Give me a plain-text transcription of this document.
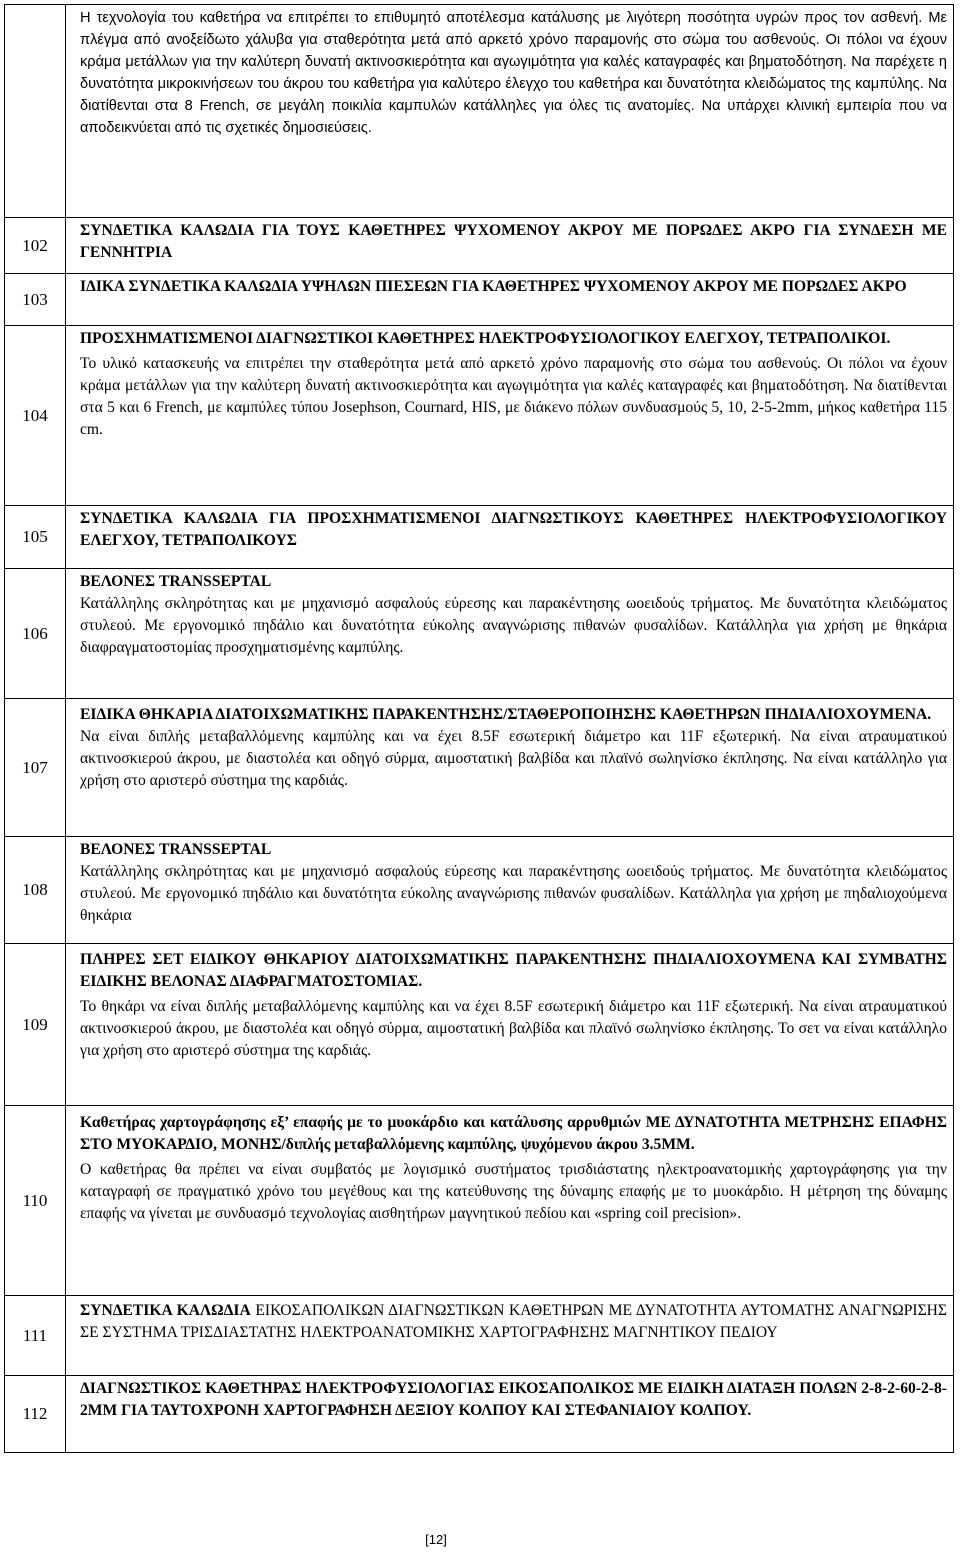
	Η τεχνολογία του καθετήρα να επιτρέπει το επιθυμητό αποτέλεσμα κατάλυσης με λιγότερη ποσότητα υγρών προς τον ασθενή. Με πλέγμα από ανοξείδωτο χάλυβα για σταθερότητα μετά από αρκετό χρόνο παραμονής στο σώμα του ασθενούς. Οι πόλοι να έχουν κράμα μετάλλων για την καλύτερη δυνατή ακτινοσκιερότητα και αγωγιμότητα για καλές καταγραφές και βηματοδότηση. Να παρέχετε η δυνατότητα μικροκινήσεων του άκρου του καθετήρα για καλύτερο έλεγχο του καθετήρα και δυνατότητα κλειδώματος της καμπύλης. Να διατίθενται στα 8 French, σε μεγάλη ποικιλία καμπυλών κατάλληλες για όλες τις ανατομίες. Να υπάρχει κλινική εμπειρία που να αποδεικνύεται από τις σχετικές δημοσιεύσεις.

102	ΣΥΝΔΕΤΙΚΑ ΚΑΛΩΔΙΑ ΓΙΑ ΤΟΥΣ ΚΑΘΕΤΗΡΕΣ ΨΥΧΟΜΕΝΟΥ ΑΚΡΟΥ ΜΕ ΠΟΡΩΔΕΣ ΑΚΡΟ ΓΙΑ ΣΥΝΔΕΣΗ ΜΕ ΓΕΝΝΗΤΡΙΑ

103	ΙΔΙΚΑ ΣΥΝΔΕΤΙΚΑ ΚΑΛΩΔΙΑ ΥΨΗΛΩΝ ΠΙΕΣΕΩΝ ΓΙΑ ΚΑΘΕΤΗΡΕΣ ΨΥΧΟΜΕΝΟΥ ΑΚΡΟΥ ΜΕ ΠΟΡΩΔΕΣ ΑΚΡΟ

104	ΠΡΟΣΧΗΜΑΤΙΣΜΕΝΟΙ ΔΙΑΓΝΩΣΤΙΚΟΙ ΚΑΘΕΤΗΡΕΣ ΗΛΕΚΤΡΟΦΥΣΙΟΛΟΓΙΚΟΥ ΕΛΕΓΧΟΥ, ΤΕΤΡΑΠΟΛΙΚΟΙ.

Το υλικό κατασκευής να επιτρέπει την σταθερότητα μετά από αρκετό χρόνο παραμονής στο σώμα του ασθενούς. Οι πόλοι να έχουν κράμα μετάλλων για την καλύτερη δυνατή ακτινοσκιερότητα και αγωγιμότητα για καλές καταγραφές και βηματοδότηση. Να διατίθενται στα 5 και 6 French, με καμπύλες τύπου Josephson, Cournard, HIS, με διάκενο πόλων συνδυασμούς 5, 10, 2-5-2mm, μήκος καθετήρα 115 cm.

105	ΣΥΝΔΕΤΙΚΑ ΚΑΛΩΔΙΑ ΓΙΑ ΠΡΟΣΧΗΜΑΤΙΣΜΕΝΟΙ ΔΙΑΓΝΩΣΤΙΚΟΥΣ ΚΑΘΕΤΗΡΕΣ ΗΛΕΚΤΡΟΦΥΣΙΟΛΟΓΙΚΟΥ ΕΛΕΓΧΟΥ, ΤΕΤΡΑΠΟΛΙΚΟΥΣ

106	ΒΕΛΟΝΕΣ TRANSSEPTAL

Κατάλληλης σκληρότητας και με μηχανισμό ασφαλούς εύρεσης και παρακέντησης ωοειδούς τρήματος. Με δυνατότητα κλειδώματος στυλεού. Με εργονομικό πηδάλιο και δυνατότητα εύκολης αναγνώρισης πιθανών φυσαλίδων. Κατάλληλα για χρήση με θηκάρια διαφραγματοστομίας προσχηματισμένης καμπύλης.

107	ΕΙΔΙΚΑ ΘΗΚΑΡΙΑ ΔΙΑΤΟΙΧΩΜΑΤΙΚΗΣ ΠΑΡΑΚΕΝΤΗΣΗΣ/ΣΤΑΘΕΡΟΠΟΙΗΣΗΣ ΚΑΘΕΤΗΡΩΝ ΠΗΔΙΑΛΙΟΧΟΥΜΕΝΑ.

Να είναι διπλής μεταβαλλόμενης καμπύλης και να έχει 8.5F εσωτερική διάμετρο και 11F εξωτερική. Να είναι ατραυματικού ακτινοσκιερού άκρου, με διαστολέα και οδηγό σύρμα, αιμοστατική βαλβίδα και πλαϊνό σωληνίσκο έκπλησης. Να είναι κατάλληλο για χρήση στο αριστερό σύστημα της καρδιάς.

108	ΒΕΛΟΝΕΣ TRANSSEPTAL

Κατάλληλης σκληρότητας και με μηχανισμό ασφαλούς εύρεσης και παρακέντησης ωοειδούς τρήματος. Με δυνατότητα κλειδώματος στυλεού. Με εργονομικό πηδάλιο και δυνατότητα εύκολης αναγνώρισης πιθανών φυσαλίδων. Κατάλληλα για χρήση με πηδαλιοχούμενα θηκάρια

109	ΠΛΗΡΕΣ ΣΕΤ ΕΙΔΙΚΟΥ ΘΗΚΑΡΙΟΥ ΔΙΑΤΟΙΧΩΜΑΤΙΚΗΣ ΠΑΡΑΚΕΝΤΗΣΗΣ ΠΗΔΙΑΛΙΟΧΟΥΜΕΝΑ ΚΑΙ ΣΥΜΒΑΤΗΣ ΕΙΔΙΚΗΣ ΒΕΛΟΝΑΣ ΔΙΑΦΡΑΓΜΑΤΟΣΤΟΜΙΑΣ.

Το θηκάρι να είναι διπλής μεταβαλλόμενης καμπύλης και να έχει 8.5F εσωτερική διάμετρο και 11F εξωτερική. Να είναι ατραυματικού ακτινοσκιερού άκρου, με διαστολέα και οδηγό σύρμα, αιμοστατική βαλβίδα και πλαϊνό σωληνίσκο έκπλησης. Το σετ να είναι κατάλληλο για χρήση στο αριστερό σύστημα της καρδιάς.

110	Καθετήρας χαρτογράφησης εξ’ επαφής με το μυοκάρδιο και κατάλυσης αρρυθμιών ΜΕ ΔΥΝΑΤΟΤΗΤΑ ΜΕΤΡΗΣΗΣ ΕΠΑΦΗΣ ΣΤΟ ΜΥΟΚΑΡΔΙΟ, ΜΟΝΗΣ/διπλής μεταβαλλόμενης καμπύλης, ψυχόμενου άκρου 3.5ΜΜ.

Ο καθετήρας θα πρέπει να είναι συμβατός με λογισμικό συστήματος τρισδιάστατης ηλεκτροανατομικής χαρτογράφησης για την καταγραφή σε πραγματικό χρόνο του μεγέθους και της κατεύθυνσης της δύναμης επαφής με το μυοκάρδιο. Η μέτρηση της δύναμης επαφής να γίνεται με συνδυασμό τεχνολογίας αισθητήρων μαγνητικού πεδίου και «spring coil precision».

111	ΣΥΝΔΕΤΙΚΑ ΚΑΛΩΔΙΑ ΕΙΚΟΣΑΠΟΛΙΚΩΝ ΔΙΑΓΝΩΣΤΙΚΩΝ ΚΑΘΕΤΗΡΩΝ ΜΕ ΔΥΝΑΤΟΤΗΤΑ ΑΥΤΟΜΑΤΗΣ ΑΝΑΓΝΩΡΙΣΗΣ ΣΕ ΣΥΣΤΗΜΑ ΤΡΙΣΔΙΑΣΤΑΤΗΣ ΗΛΕΚΤΡΟΑΝΑΤΟΜΙΚΗΣ ΧΑΡΤΟΓΡΑΦΗΣΗΣ ΜΑΓΝΗΤΙΚΟΥ ΠΕΔΙΟΥ

112	ΔΙΑΓΝΩΣΤΙΚΟΣ ΚΑΘΕΤΗΡΑΣ ΗΛΕΚΤΡΟΦΥΣΙΟΛΟΓΙΑΣ ΕΙΚΟΣΑΠΟΛΙΚΟΣ ΜΕ ΕΙΔΙΚΗ ΔΙΑΤΑΞΗ ΠΟΛΩΝ 2-8-2-60-2-8-2ΜΜ ΓΙΑ ΤΑΥΤΟΧΡΟΝΗ ΧΑΡΤΟΓΡΑΦΗΣΗ ΔΕΞΙΟΥ ΚΟΛΠΟΥ ΚΑΙ ΣΤΕΦΑΝΙΑΙΟΥ ΚΟΛΠΟΥ.

[12]
